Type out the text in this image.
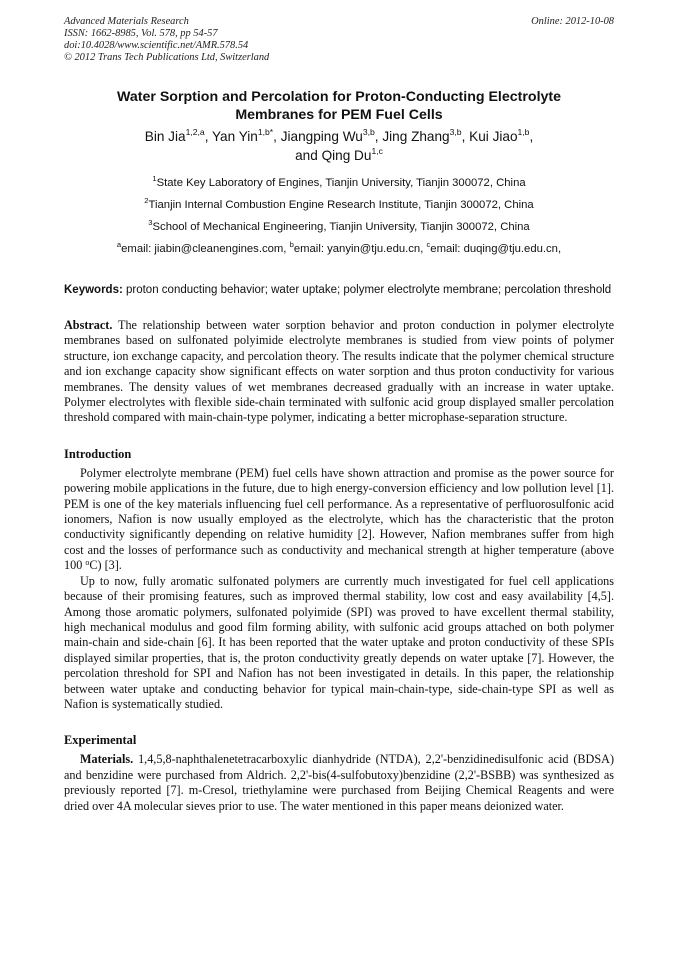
Advanced Materials Research
ISSN: 1662-8985, Vol. 578, pp 54-57
doi:10.4028/www.scientific.net/AMR.578.54
© 2012 Trans Tech Publications Ltd, Switzerland
Online: 2012-10-08
Water Sorption and Percolation for Proton-Conducting Electrolyte
Membranes for PEM Fuel Cells
Bin Jia$^{1,2,a}$, Yan Yin$^{1,b*}$, Jiangping Wu$^{3,b}$, Jing Zhang$^{3,b}$, Kui Jiao$^{1,b}$,
and Qing Du$^{1,c}$
$^1$State Key Laboratory of Engines, Tianjin University, Tianjin 300072, China
$^2$Tianjin Internal Combustion Engine Research Institute, Tianjin 300072, China
$^3$School of Mechanical Engineering, Tianjin University, Tianjin 300072, China
$^a$email: jiabin@cleanengines.com, $^b$email: yanyin@tju.edu.cn, $^c$email: duqing@tju.edu.cn,
Keywords: proton conducting behavior; water uptake; polymer electrolyte membrane; percolation threshold
Abstract. The relationship between water sorption behavior and proton conduction in polymer electrolyte membranes based on sulfonated polyimide electrolyte membranes is studied from view points of polymer structure, ion exchange capacity, and percolation theory. The results indicate that the polymer chemical structure and ion exchange capacity show significant effects on water sorption and thus proton conductivity for various membranes. The density values of wet membranes decreased gradually with an increase in water uptake. Polymer electrolytes with flexible side-chain terminated with sulfonic acid group displayed smaller percolation threshold compared with main-chain-type polymer, indicating a better microphase-separation structure.
Introduction

Polymer electrolyte membrane (PEM) fuel cells have shown attraction and promise as the power source for powering mobile applications in the future, due to high energy-conversion efficiency and low pollution level [1]. PEM is one of the key materials influencing fuel cell performance. As a representative of perfluorosulfonic acid ionomers, Nafion is now usually employed as the electrolyte, which has the characteristic that the proton conductivity significantly depending on relative humidity [2]. However, Nafion membranes suffer from high cost and the losses of performance such as conductivity and mechanical strength at higher temperature (above 100 $^o$C) [3].

Up to now, fully aromatic sulfonated polymers are currently much investigated for fuel cell applications because of their promising features, such as improved thermal stability, low cost and easy availability [4,5]. Among those aromatic polymers, sulfonated polyimide (SPI) was proved to have excellent thermal stability, high mechanical modulus and good film forming ability, with sulfonic acid groups attached on both polymer main-chain and side-chain [6]. It has been reported that the water uptake and proton conductivity of these SPIs displayed similar properties, that is, the proton conductivity greatly depends on water uptake [7]. However, the percolation threshold for SPI and Nafion has not been investigated in details. In this paper, the relationship between water uptake and conducting behavior for typical main-chain-type, side-chain-type SPI as well as Nafion is systematically studied.

Experimental

Materials. 1,4,5,8-naphthalenetetracarboxylic dianhydride (NTDA), 2,2'-benzidinedisulfonic acid (BDSA) and benzidine were purchased from Aldrich. 2,2'-bis(4-sulfobutoxy)benzidine (2,2'-BSBB) was synthesized as previously reported [7]. m-Cresol, triethylamine were purchased from Beijing Chemical Reagents and were dried over 4A molecular sieves prior to use. The water mentioned in this paper means deionized water.
